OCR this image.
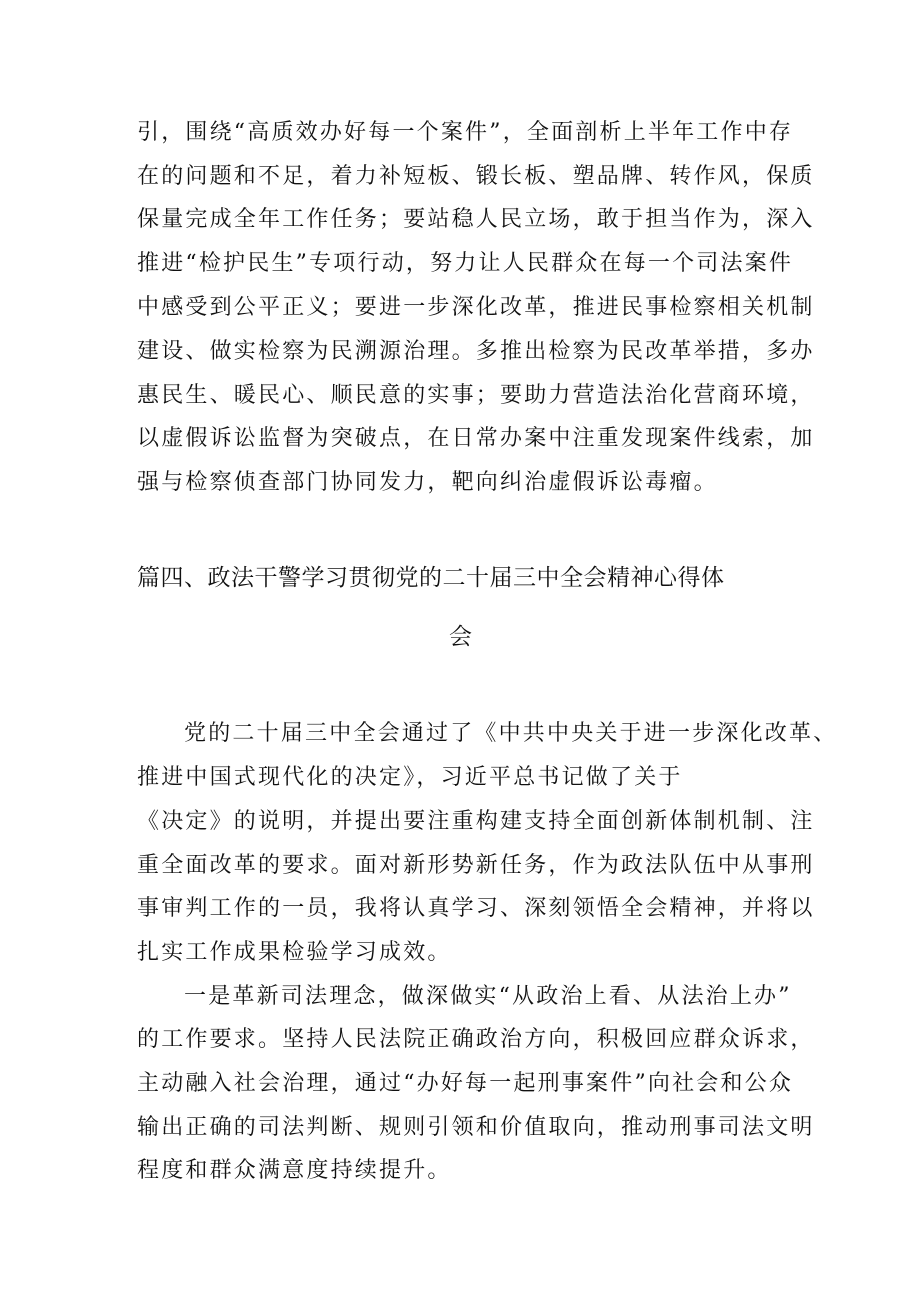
引，围绕“高质效办好每一个案件”，全面剖析上半年工作中存
在的问题和不足，着力补短板、锻长板、塑品牌、转作风，保质
保量完成全年工作任务；要站稳人民立场，敢于担当作为，深入
推进“检护民生”专项行动，努力让人民群众在每一个司法案件
中感受到公平正义；要进一步深化改革，推进民事检察相关机制
建设、做实检察为民溯源治理。多推出检察为民改革举措，多办
惠民生、暖民心、顺民意的实事；要助力营造法治化营商环境，
以虚假诉讼监督为突破点，在日常办案中注重发现案件线索，加
强与检察侦查部门协同发力，靶向纠治虚假诉讼毒瘤。
篇四、政法干警学习贯彻党的二十届三中全会精神心得体
会
党的二十届三中全会通过了《中共中央关于进一步深化改革、
推进中国式现代化的决定》，习近平总书记做了关于
《决定》的说明，并提出要注重构建支持全面创新体制机制、注
重全面改革的要求。面对新形势新任务，作为政法队伍中从事刑
事审判工作的一员，我将认真学习、深刻领悟全会精神，并将以
扎实工作成果检验学习成效。
一是革新司法理念，做深做实“从政治上看、从法治上办”
的工作要求。坚持人民法院正确政治方向，积极回应群众诉求，
主动融入社会治理，通过“办好每一起刑事案件”向社会和公众
输出正确的司法判断、规则引领和价值取向，推动刑事司法文明
程度和群众满意度持续提升。
